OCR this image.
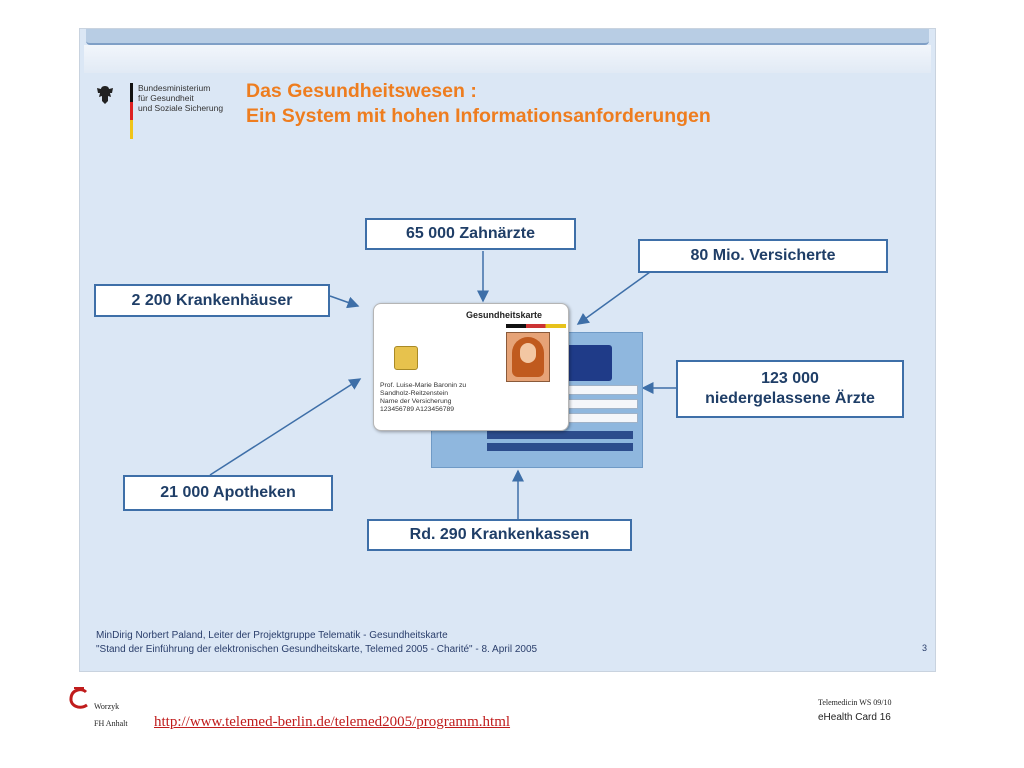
Bundesministerium
für Gesundheit
und Soziale Sicherung
Das Gesundheitswesen :
Ein System mit hohen Informationsanforderungen
Gesundheitskarte
Prof. Luise-Marie Baronin zu
Sandholz-Reitzenstein
Name der Versicherung
123456789 A123456789
65 000 Zahnärzte
80 Mio. Versicherte
2 200 Krankenhäuser
123 000
niedergelassene Ärzte
21 000 Apotheken
Rd. 290 Krankenkassen
MinDirig Norbert Paland, Leiter der Projektgruppe Telematik - Gesundheitskarte
"Stand der Einführung der elektronischen Gesundheitskarte, Telemed 2005 - Charité" - 8. April 2005	3
Worzyk
FH Anhalt http://www.telemed-berlin.de/telemed2005/programm.html
Telemedicin WS 09/10
eHealth Card 16
